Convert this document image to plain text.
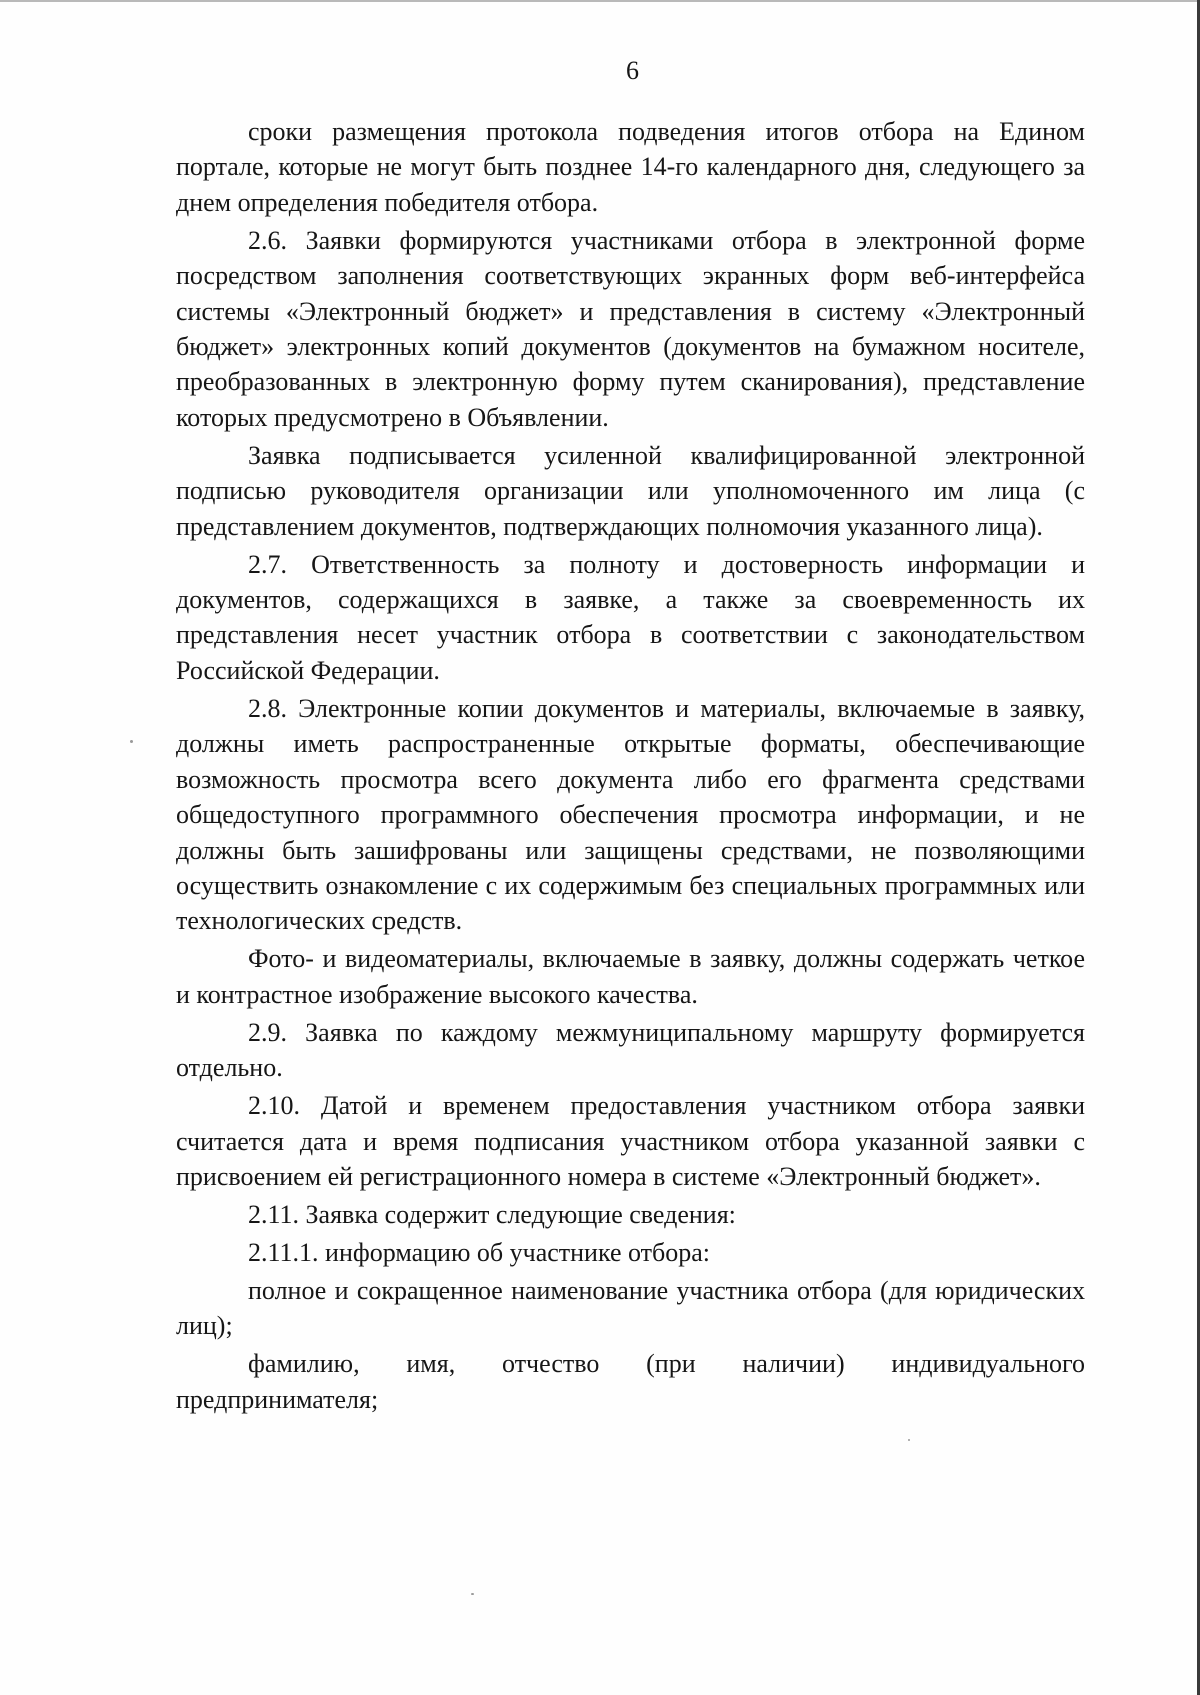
6

сроки размещения протокола подведения итогов отбора на Едином портале, которые не могут быть позднее 14-го календарного дня, следующего за днем определения победителя отбора.

2.6. Заявки формируются участниками отбора в электронной форме посредством заполнения соответствующих экранных форм веб-интерфейса системы «Электронный бюджет» и представления в систему «Электронный бюджет» электронных копий документов (документов на бумажном носителе, преобразованных в электронную форму путем сканирования), представление которых предусмотрено в Объявлении.

Заявка подписывается усиленной квалифицированной электронной подписью руководителя организации или уполномоченного им лица (с представлением документов, подтверждающих полномочия указанного лица).

2.7. Ответственность за полноту и достоверность информации и документов, содержащихся в заявке, а также за своевременность их представления несет участник отбора в соответствии с законодательством Российской Федерации.

2.8. Электронные копии документов и материалы, включаемые в заявку, должны иметь распространенные открытые форматы, обеспечивающие возможность просмотра всего документа либо его фрагмента средствами общедоступного программного обеспечения просмотра информации, и не должны быть зашифрованы или защищены средствами, не позволяющими осуществить ознакомление с их содержимым без специальных программных или технологических средств.

Фото- и видеоматериалы, включаемые в заявку, должны содержать четкое и контрастное изображение высокого качества.

2.9. Заявка по каждому межмуниципальному маршруту формируется отдельно.

2.10. Датой и временем предоставления участником отбора заявки считается дата и время подписания участником отбора указанной заявки с присвоением ей регистрационного номера в системе «Электронный бюджет».

2.11. Заявка содержит следующие сведения:

2.11.1. информацию об участнике отбора:

полное и сокращенное наименование участника отбора (для юридических лиц);

фамилию, имя, отчество (при наличии) индивидуального предпринимателя;
